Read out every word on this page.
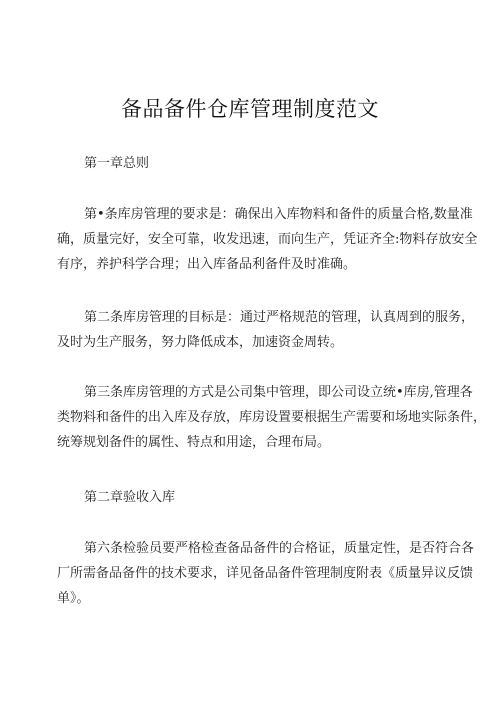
备品备件仓库管理制度范文
第一章总则
第•条库房管理的要求是：确保出入库物料和备件的质量合格,数量准
确，质量完好，安全可靠，收发迅速，而向生产，凭证齐全:物料存放安全
有序，养护科学合理；出入库备品利备件及时准确。
第二条库房管理的目标是：通过严格规范的管理，认真周到的服务，
及时为生产服务，努力降低成本，加速资金周转。
第三条库房管理的方式是公司集中管理，即公司设立统•库房,管理各
类物料和备件的出入库及存放，库房设置要根据生产需要和场地实际条件，
统筹规划备件的属性、特点和用途，合理布局。
第二章验收入库
第六条检验员要严格检查备品备件的合格证，质量定性，是否符合各
厂所需备品备件的技术要求，详见备品备件管理制度附表《质量异议反馈
单》。
